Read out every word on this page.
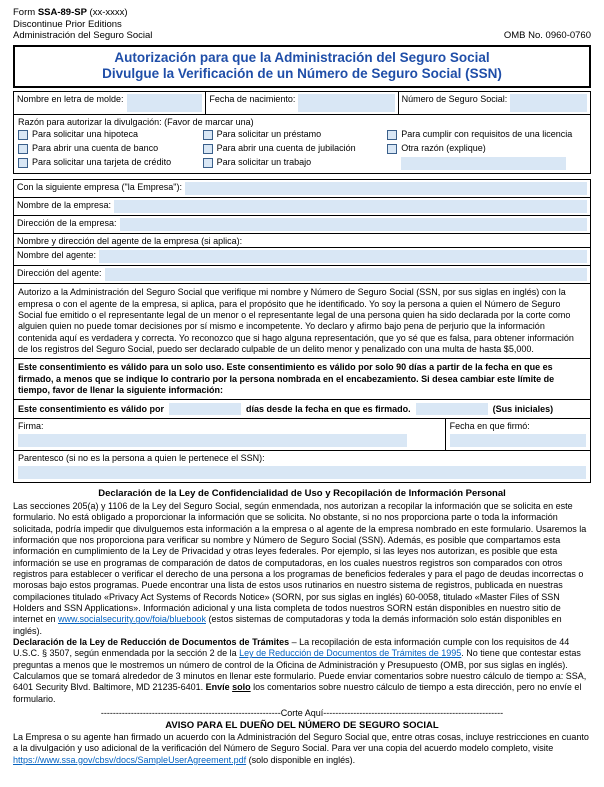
Form SSA-89-SP (xx-xxxx)
Discontinue Prior Editions
Administración del Seguro Social	OMB No. 0960-0760
Autorización para que la Administración del Seguro Social
Divulgue la Verificación de un Número de Seguro Social (SSN)
Nombre en letra de molde:	Fecha de nacimiento:	Número de Seguro Social:
Razón para autorizar la divulgación: (Favor de marcar una)
Para solicitar una hipoteca	Para solicitar un préstamo	Para cumplir con requisitos de una licencia
Para abrir una cuenta de banco	Para abrir una cuenta de jubilación	Otra razón (explique)
Para solicitar una tarjeta de crédito	Para solicitar un trabajo
Con la siguiente empresa ("la Empresa"):
Nombre de la empresa:
Dirección de la empresa:
Nombre y dirección del agente de la empresa (si aplica):
Nombre del agente:
Dirección del agente:
Autorizo a la Administración del Seguro Social que verifique mi nombre y Número de Seguro Social (SSN, por sus siglas en inglés) con la empresa o con el agente de la empresa, si aplica, para el propósito que he identificado. Yo soy la persona a quien el Número de Seguro Social fue emitido o el representante legal de un menor o el representante legal de una persona quien ha sido declarada por la corte como alguien quien no puede tomar decisiones por sí mismo e incompetente. Yo declaro y afirmo bajo pena de perjurio que la información contenida aquí es verdadera y correcta. Yo reconozco que si hago alguna representación, que yo sé que es falsa, para obtener información de los registros del Seguro Social, puedo ser declarado culpable de un delito menor y penalizado con una multa de hasta $5,000.
Este consentimiento es válido para un solo uso. Este consentimiento es válido por solo 90 días a partir de la fecha en que es firmado, a menos que se indique lo contrario por la persona nombrada en el encabezamiento. Si desea cambiar este límite de tiempo, favor de llenar la siguiente información:
Este consentimiento es válido por	días desde la fecha en que es firmado.	(Sus iniciales)
Firma:	Fecha en que firmó:
Parentesco (si no es la persona a quien le pertenece el SSN):
Declaración de la Ley de Confidencialidad de Uso y Recopilación de Información Personal
Las secciones 205(a) y 1106 de la Ley del Seguro Social, según enmendada, nos autorizan a recopilar la información que se solicita en este formulario. No está obligado a proporcionar la información que se solicita. No obstante, si no nos proporciona parte o toda la información solicitada, podría impedir que divulguemos esta información a la empresa o al agente de la empresa nombrado en este formulario. Usaremos la información que nos proporciona para verificar su nombre y Número de Seguro Social (SSN). Además, es posible que compartamos esta información en cumplimiento de la Ley de Privacidad y otras leyes federales. Por ejemplo, si las leyes nos autorizan, es posible que esta información se use en programas de comparación de datos de computadoras, en los cuales nuestros registros son comparados con otros registros para establecer o verificar el derecho de una persona a los programas de beneficios federales y para el pago de deudas incorrectas o morosas bajo estos programas. Puede encontrar una lista de estos usos rutinarios en nuestro sistema de registros, publicada en nuestras compilaciones titulado «Privacy Act Systems of Records Notice» (SORN, por sus siglas en inglés) 60-0058, titulado «Master Files of SSN Holders and SSN Applications». Información adicional y una lista completa de todos nuestros SORN están disponibles en nuestro sitio de internet en www.socialsecurity.gov/foia/bluebook (estos sistemas de computadoras y toda la demás información solo están disponibles en inglés).
Declaración de la Ley de Reducción de Documentos de Trámites – La recopilación de esta información cumple con los requisitos de 44 U.S.C. § 3507, según enmendada por la sección 2 de la Ley de Reducción de Documentos de Trámites de 1995. No tiene que contestar estas preguntas a menos que le mostremos un número de control de la Oficina de Administración y Presupuesto (OMB, por sus siglas en inglés). Calculamos que se tomará alrededor de 3 minutos en llenar este formulario. Puede enviar comentarios sobre nuestro cálculo de tiempo a: SSA, 6401 Security Blvd. Baltimore, MD 21235-6401. Envíe solo los comentarios sobre nuestro cálculo de tiempo a esta dirección, pero no envíe el formulario.
------------------------------------------------------------Corte Aquí------------------------------------------------------------
AVISO PARA EL DUEÑO DEL NÚMERO DE SEGURO SOCIAL
La Empresa o su agente han firmado un acuerdo con la Administración del Seguro Social que, entre otras cosas, incluye restricciones en cuanto a la divulgación y uso adicional de la verificación del Número de Seguro Social. Para ver una copia del acuerdo modelo completo, visite https://www.ssa.gov/cbsv/docs/SampleUserAgreement.pdf (solo disponible en inglés).
